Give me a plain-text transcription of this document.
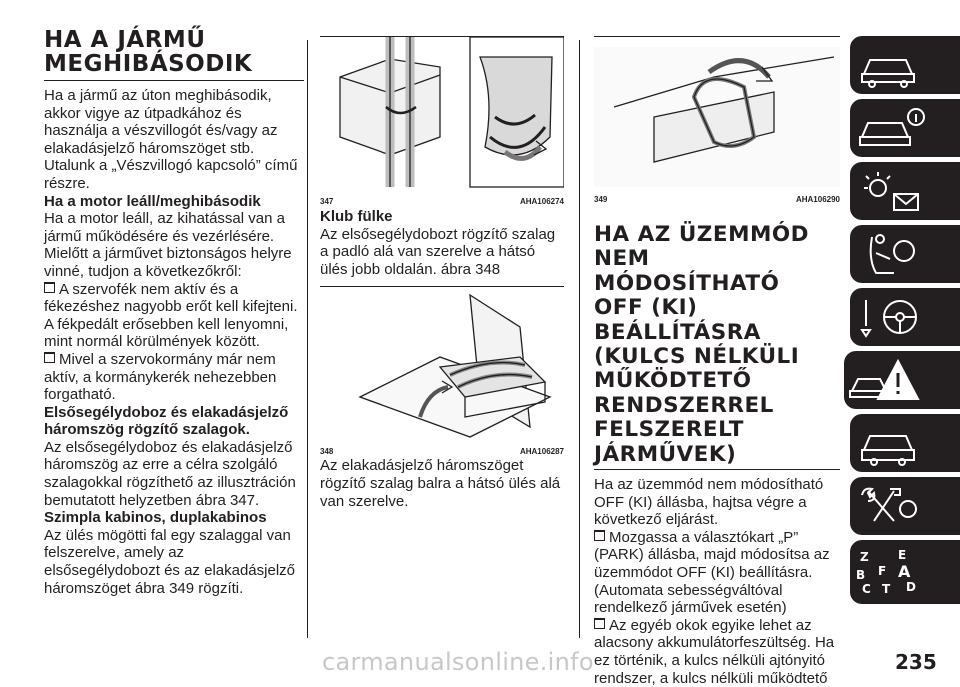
HA A JÁRMŰ
MEGHIBÁSODIK

Ha a jármű az úton meghibásodik, akkor vigye az útpadkához és használja a vészvillogót és/vagy az elakadásjelző háromszöget stb. Utalunk a „Vészvillogó kapcsoló” című részre.

Ha a motor leáll/meghibásodik

Ha a motor leáll, az kihatással van a jármű működésére és vezérlésére. Mielőtt a járművet biztonságos helyre vinné, tudjon a következőkről:

A szervofék nem aktív és a fékezéshez nagyobb erőt kell kifejteni. A fékpedált erősebben kell lenyomni, mint normál körülmények között.

Mivel a szervokormány már nem aktív, a kormánykerék nehezebben forgatható.

Elsősegélydoboz és elakadásjelző háromszög rögzítő szalagok.

Az elsősegélydoboz és elakadásjelző háromszög az erre a célra szolgáló szalagokkal rögzíthető az illusztráción bemutatott helyzetben ábra 347.

Szimpla kabinos, duplakabinos

Az ülés mögötti fal egy szalaggal van felszerelve, amely az elsősegélydobozt és az elakadásjelző háromszöget ábra 349 rögzíti.

347	AHA106274
Klub fülke

Az elsősegélydobozt rögzítő szalag a padló alá van szerelve a hátsó ülés jobb oldalán. ábra 348

348	AHA106287

Az elakadásjelző háromszöget rögzítő szalag balra a hátsó ülés alá van szerelve.

349	AHA106290
HA AZ ÜZEMMÓD
NEM MÓDOSÍTHATÓ
OFF (KI)
BEÁLLÍTÁSRA
(KULCS NÉLKÜLI
MŰKÖDTETŐ
RENDSZERREL
FELSZERELT
JÁRMŰVEK)

Ha az üzemmód nem módosítható OFF (KI) állásba, hajtsa végre a következő eljárást.

Mozgassa a választókart „P” (PARK) állásba, majd módosítsa az üzemmódot OFF (KI) beállításra. (Automata sebességváltóval rendelkező járművek esetén)

Az egyéb okok egyike lehet az alacsony akkumulátorfeszültség. Ha ez történik, a kulcs nélküli ajtónyitó rendszer, a kulcs nélküli működtető

Z E
B F
C T D
A
235
carmanualsonline.info
